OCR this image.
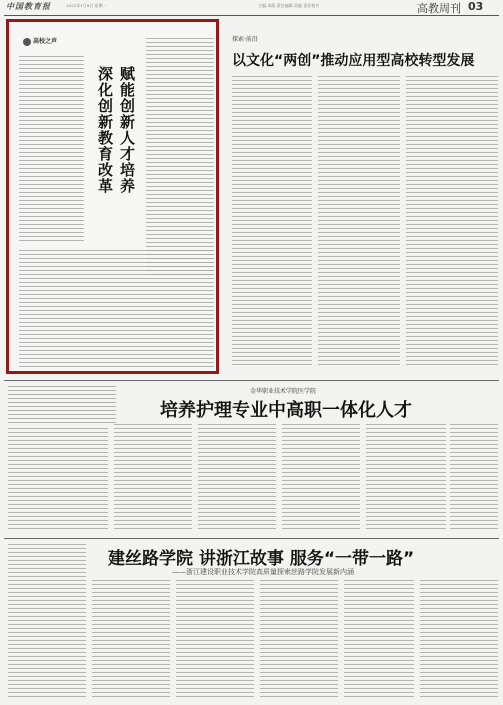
中国教育报	2021年1月8日 星期一	主编:本版 责任编辑:美编 责任校对	高教周刊 03
高校之声
赋能创新人才培养
深化创新教育改革
探索·前沿
以文化“两创”推动应用型高校转型发展
金华职业技术学院医学院
培养护理专业中高职一体化人才
建丝路学院 讲浙江故事 服务“一带一路”
——浙江建设职业技术学院高质量探索丝路学院发展新内涵
